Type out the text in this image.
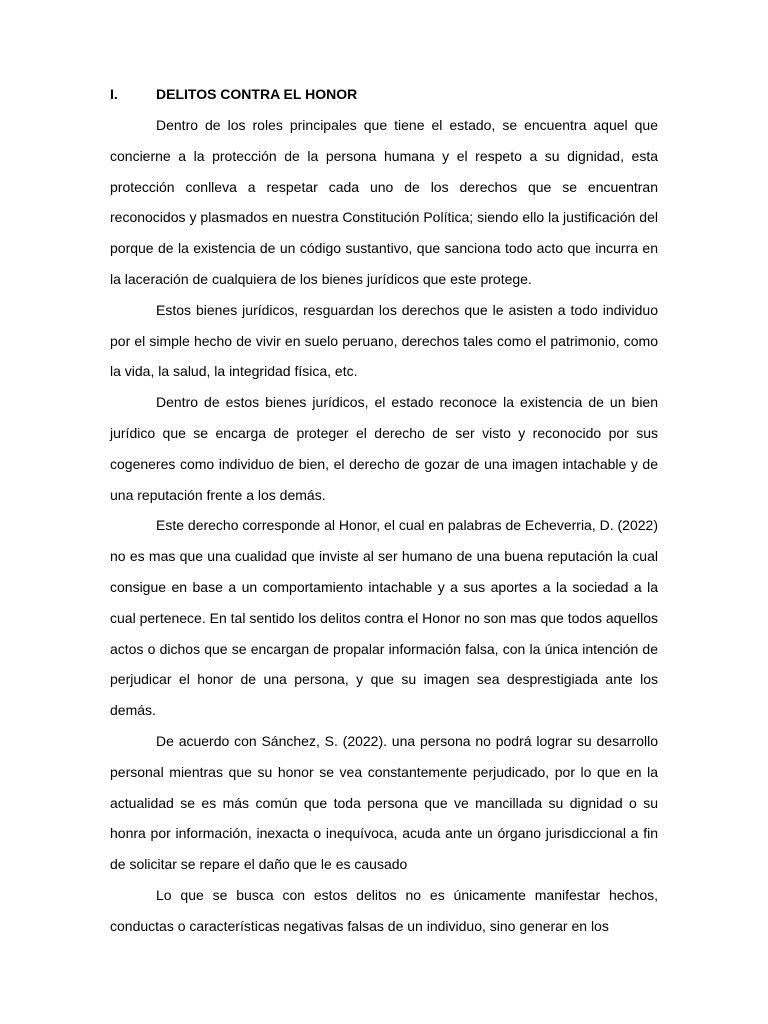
I.	DELITOS CONTRA EL HONOR

Dentro de los roles principales que tiene el estado, se encuentra aquel que concierne a la protección de la persona humana y el respeto a su dignidad, esta protección conlleva a respetar cada uno de los derechos que se encuentran reconocidos y plasmados en nuestra Constitución Política; siendo ello la justificación del porque de la existencia de un código sustantivo, que sanciona todo acto que incurra en la laceración de cualquiera de los bienes jurídicos que este protege.

Estos bienes jurídicos, resguardan los derechos que le asisten a todo individuo por el simple hecho de vivir en suelo peruano, derechos tales como el patrimonio, como la vida, la salud, la integridad física, etc.

Dentro de estos bienes jurídicos, el estado reconoce la existencia de un bien jurídico que se encarga de proteger el derecho de ser visto y reconocido por sus cogeneres como individuo de bien, el derecho de gozar de una imagen intachable y de una reputación frente a los demás.

Este derecho corresponde al Honor, el cual en palabras de Echeverria, D. (2022) no es mas que una cualidad que inviste al ser humano de una buena reputación la cual consigue en base a un comportamiento intachable y a sus aportes a la sociedad a la cual pertenece. En tal sentido los delitos contra el Honor no son mas que todos aquellos actos o dichos que se encargan de propalar información falsa, con la única intención de perjudicar el honor de una persona, y que su imagen sea desprestigiada ante los demás.

De acuerdo con Sánchez, S. (2022). una persona no podrá lograr su desarrollo personal mientras que su honor se vea constantemente perjudicado, por lo que en la actualidad se es más común que toda persona que ve mancillada su dignidad o su honra por información, inexacta o inequívoca, acuda ante un órgano jurisdiccional a fin de solicitar se repare el daño que le es causado

Lo que se busca con estos delitos no es únicamente manifestar hechos, conductas o características negativas falsas de un individuo, sino generar en los
